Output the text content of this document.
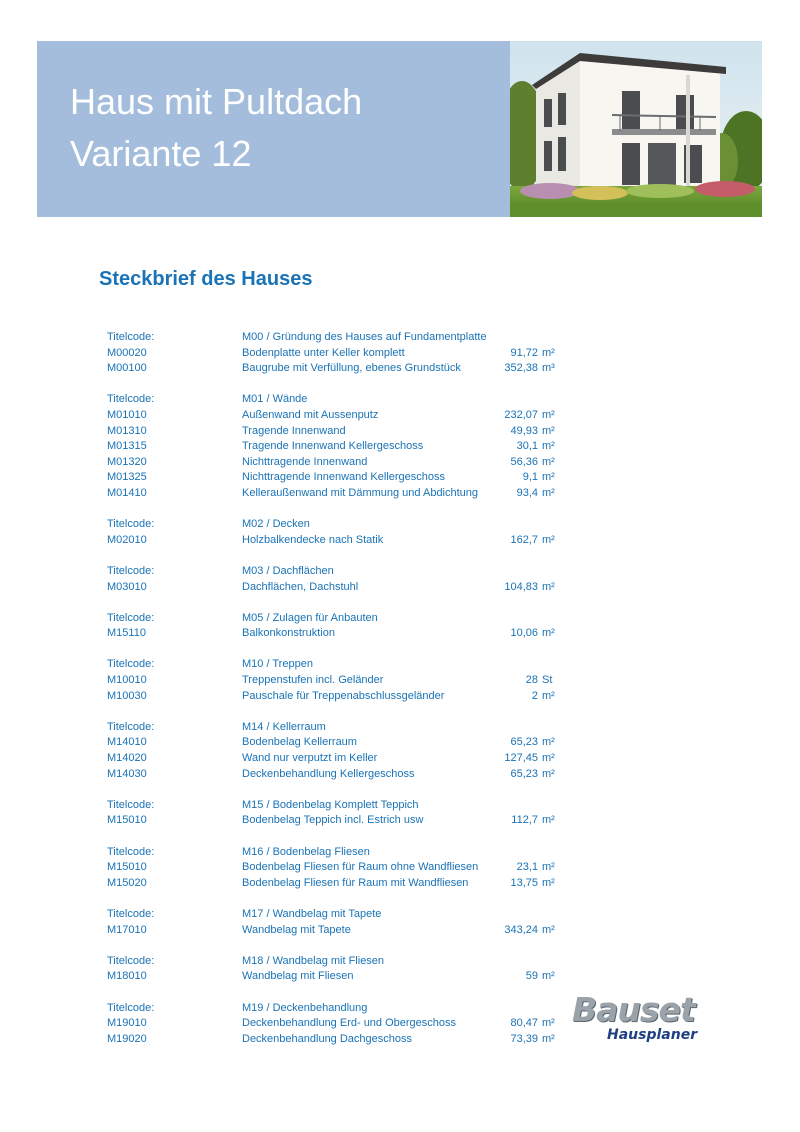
Haus mit Pultdach
Variante 12
Steckbrief des Hauses
Titelcode:	M00 / Gründung des Hauses auf Fundamentplatte
M00020	Bodenplatte unter Keller komplett	91,72 m²
M00100	Baugrube mit Verfüllung, ebenes Grundstück	352,38 m³
Titelcode:	M01 / Wände
M01010	Außenwand mit Aussenputz	232,07 m²
M01310	Tragende Innenwand	49,93 m²
M01315	Tragende Innenwand Kellergeschoss	30,1 m²
M01320	Nichttragende Innenwand	56,36 m²
M01325	Nichttragende Innenwand Kellergeschoss	9,1 m²
M01410	Kelleraußenwand mit Dämmung und Abdichtung	93,4 m²
Titelcode:	M02 / Decken
M02010	Holzbalkendecke nach Statik	162,7 m²
Titelcode:	M03 / Dachflächen
M03010	Dachflächen, Dachstuhl	104,83 m²
Titelcode:	M05 / Zulagen für Anbauten
M15110	Balkonkonstruktion	10,06 m²
Titelcode:	M10 / Treppen
M10010	Treppenstufen incl. Geländer	28 St
M10030	Pauschale für Treppenabschlussgeländer	2 m²
Titelcode:	M14 / Kellerraum
M14010	Bodenbelag Kellerraum	65,23 m²
M14020	Wand nur verputzt im Keller	127,45 m²
M14030	Deckenbehandlung Kellergeschoss	65,23 m²
Titelcode:	M15 / Bodenbelag Komplett Teppich
M15010	Bodenbelag Teppich incl. Estrich usw	112,7 m²
Titelcode:	M16 / Bodenbelag Fliesen
M15010	Bodenbelag Fliesen für Raum ohne Wandfliesen	23,1 m²
M15020	Bodenbelag Fliesen für Raum mit Wandfliesen	13,75 m²
Titelcode:	M17 / Wandbelag mit Tapete
M17010	Wandbelag mit Tapete	343,24 m²
Titelcode:	M18 / Wandbelag mit Fliesen
M18010	Wandbelag mit Fliesen	59 m²
Titelcode:	M19 / Deckenbehandlung
M19010	Deckenbehandlung Erd- und Obergeschoss	80,47 m²
M19020	Deckenbehandlung Dachgeschoss	73,39 m²
Bauset
Hausplaner
